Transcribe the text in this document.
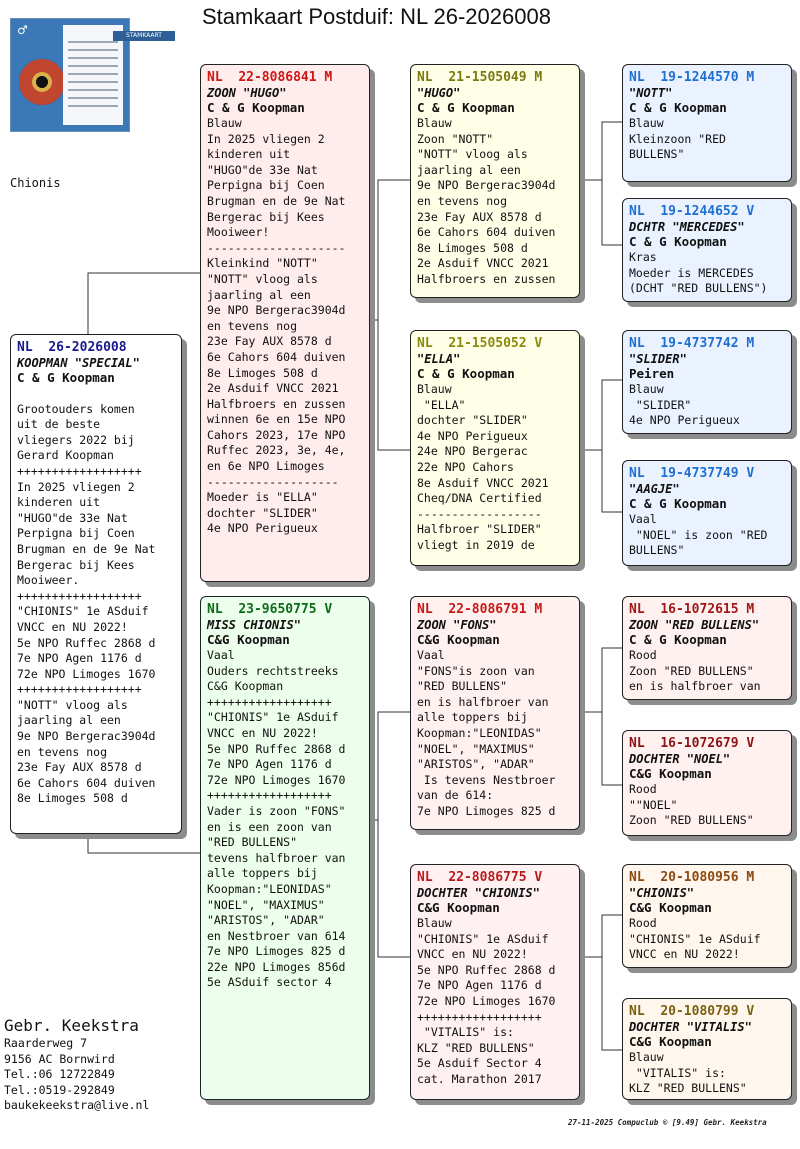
Stamkaart Postduif: NL 26-2026008
STAMKAART
♂
Chionis
NL 26-2026008
KOOPMAN "SPECIAL"
C & G Koopman

Grootouders komen
uit de beste
vliegers 2022 bij
Gerard Koopman
++++++++++++++++++
In 2025 vliegen 2
kinderen uit
"HUGO"de 33e Nat
Perpigna bij Coen
Brugman en de 9e Nat
Bergerac bij Kees
Mooiweer.
++++++++++++++++++
"CHIONIS" 1e ASduif
VNCC en NU 2022!
5e NPO Ruffec 2868 d
7e NPO Agen 1176 d
72e NPO Limoges 1670
++++++++++++++++++
"NOTT" vloog als
jaarling al een
9e NPO Bergerac3904d
en tevens nog
23e Fay AUX 8578 d
6e Cahors 604 duiven
8e Limoges 508 d
NL 22-8086841 M
ZOON "HUGO"
C & G Koopman
Blauw
In 2025 vliegen 2
kinderen uit
"HUGO"de 33e Nat
Perpigna bij Coen
Brugman en de 9e Nat
Bergerac bij Kees
Mooiweer!
--------------------
Kleinkind "NOTT"
"NOTT" vloog als
jaarling al een
9e NPO Bergerac3904d
en tevens nog
23e Fay AUX 8578 d
6e Cahors 604 duiven
8e Limoges 508 d
2e Asduif VNCC 2021
Halfbroers en zussen
winnen 6e en 15e NPO
Cahors 2023, 17e NPO
Ruffec 2023, 3e, 4e,
en 6e NPO Limoges
-------------------
Moeder is "ELLA"
dochter "SLIDER"
4e NPO Perigueux
NL 23-9650775 V
MISS CHIONIS"
C&G Koopman
Vaal
Ouders rechtstreeks
C&G Koopman
++++++++++++++++++
"CHIONIS" 1e ASduif
VNCC en NU 2022!
5e NPO Ruffec 2868 d
7e NPO Agen 1176 d
72e NPO Limoges 1670
++++++++++++++++++
Vader is zoon "FONS"
en is een zoon van
"RED BULLENS"
tevens halfbroer van
alle toppers bij
Koopman:"LEONIDAS"
"NOEL", "MAXIMUS"
"ARISTOS", "ADAR"
en Nestbroer van 614
7e NPO Limoges 825 d
22e NPO Limoges 856d
5e ASduif sector 4
NL 21-1505049 M
"HUGO"
C & G Koopman
Blauw
Zoon "NOTT"
"NOTT" vloog als
jaarling al een
9e NPO Bergerac3904d
en tevens nog
23e Fay AUX 8578 d
6e Cahors 604 duiven
8e Limoges 508 d
2e Asduif VNCC 2021
Halfbroers en zussen
NL 21-1505052 V
"ELLA"
C & G Koopman
Blauw
"ELLA"
dochter "SLIDER"
4e NPO Perigueux
24e NPO Bergerac
22e NPO Cahors
8e Asduif VNCC 2021
Cheq/DNA Certified
------------------
Halfbroer "SLIDER"
vliegt in 2019 de
NL 22-8086791 M
ZOON "FONS"
C&G Koopman
Vaal
"FONS"is zoon van
"RED BULLENS"
en is halfbroer van
alle toppers bij
Koopman:"LEONIDAS"
"NOEL", "MAXIMUS"
"ARISTOS", "ADAR"
Is tevens Nestbroer
van de 614:
7e NPO Limoges 825 d
NL 22-8086775 V
DOCHTER "CHIONIS"
C&G Koopman
Blauw
"CHIONIS" 1e ASduif
VNCC en NU 2022!
5e NPO Ruffec 2868 d
7e NPO Agen 1176 d
72e NPO Limoges 1670
++++++++++++++++++
"VITALIS" is:
KLZ "RED BULLENS"
5e Asduif Sector 4
cat. Marathon 2017
NL 19-1244570 M
"NOTT"
C & G Koopman
Blauw
Kleinzoon "RED
BULLENS"
NL 19-1244652 V
DCHTR "MERCEDES"
C & G Koopman
Kras
Moeder is MERCEDES
(DCHT "RED BULLENS")
NL 19-4737742 M
"SLIDER"
Peiren
Blauw
"SLIDER"
4e NPO Perigueux
NL 19-4737749 V
"AAGJE"
C & G Koopman
Vaal
"NOEL" is zoon "RED
BULLENS"
NL 16-1072615 M
ZOON "RED BULLENS"
C & G Koopman
Rood
Zoon "RED BULLENS"
en is halfbroer van
NL 16-1072679 V
DOCHTER "NOEL"
C&G Koopman
Rood
""NOEL"
Zoon "RED BULLENS"
NL 20-1080956 M
"CHIONIS"
C&G Koopman
Rood
"CHIONIS" 1e ASduif
VNCC en NU 2022!
NL 20-1080799 V
DOCHTER "VITALIS"
C&G Koopman
Blauw
"VITALIS" is:
KLZ "RED BULLENS"
Gebr. Keekstra
Raarderweg 7
9156 AC Bornwird
Tel.:06 12722849
Tel.:0519-292849
baukekeekstra@live.nl
27-11-2025 Compuclub © [9.49] Gebr. Keekstra
